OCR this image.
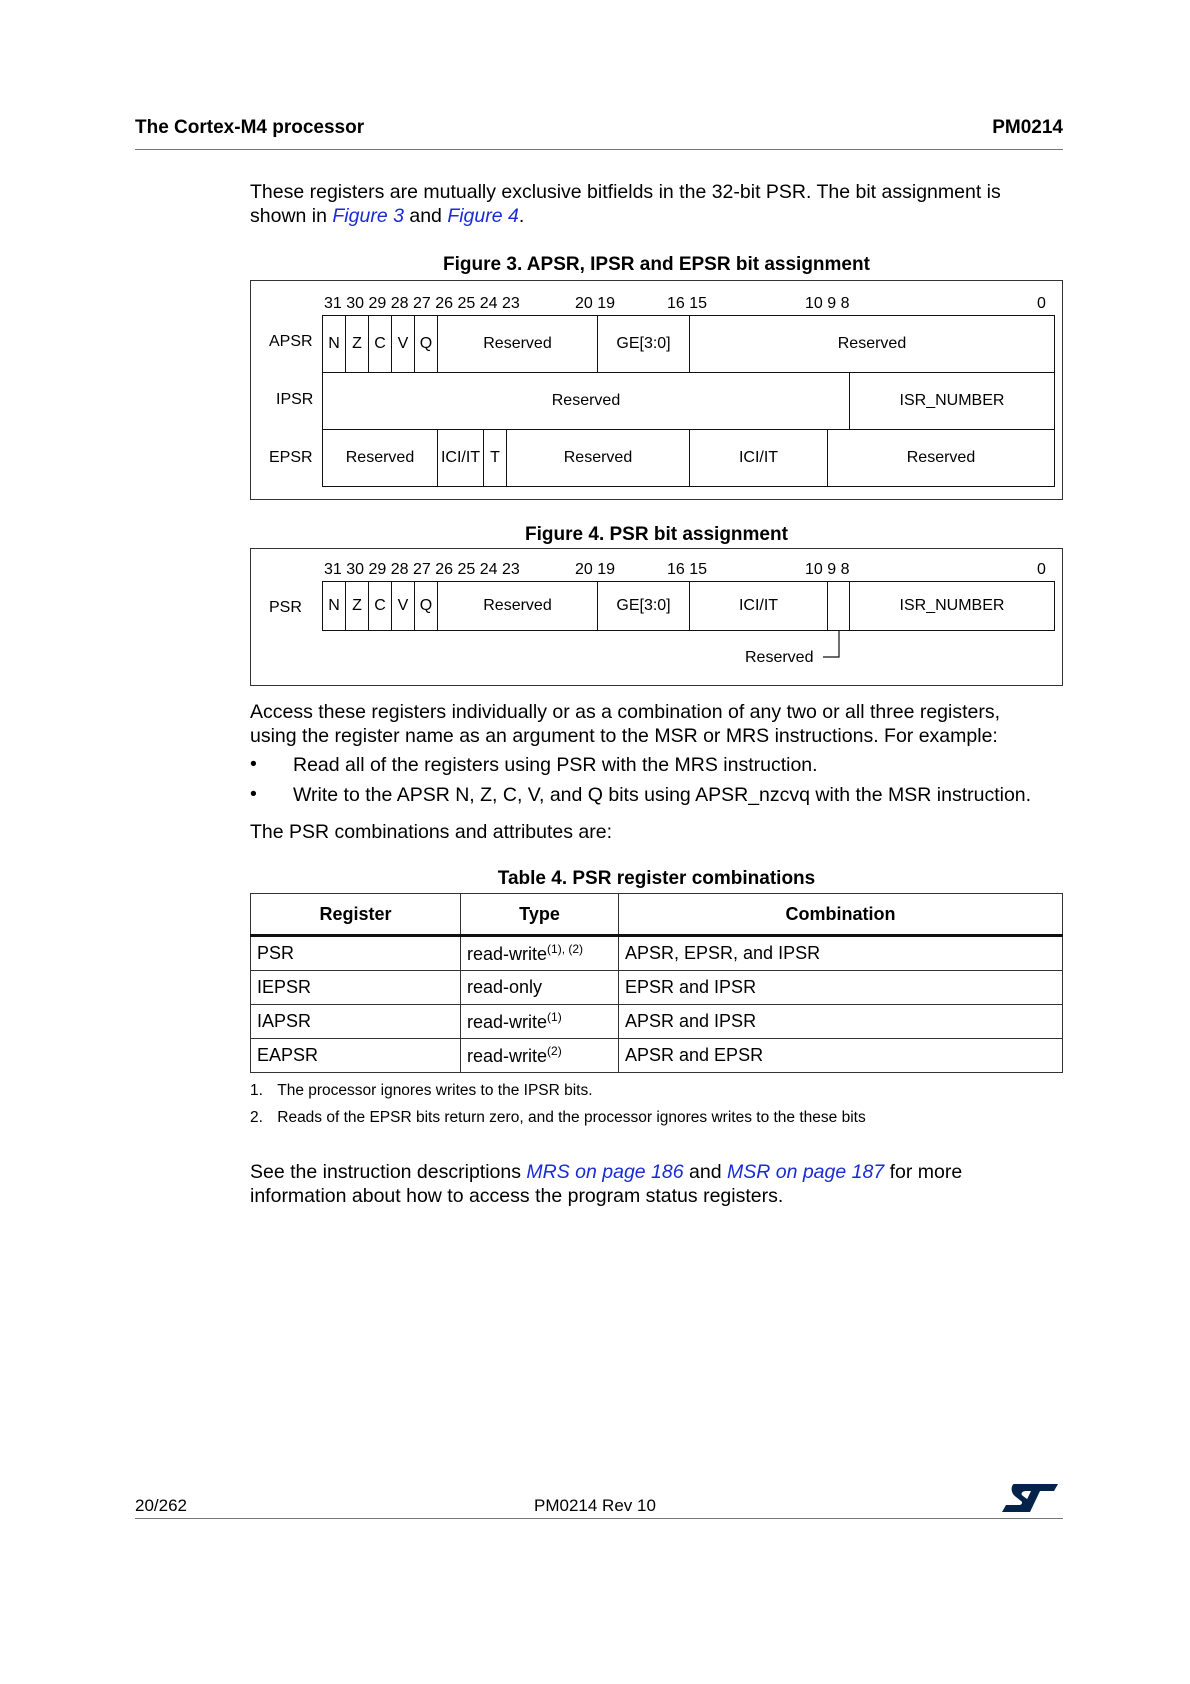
The Cortex-M4 processor	PM0214
These registers are mutually exclusive bitfields in the 32-bit PSR. The bit assignment is
shown in Figure 3 and Figure 4.
Figure 3. APSR, IPSR and EPSR bit assignment
31 30 29 28 27 26 25 24 23	20 19	16 15	10 9 8	0
APSR N Z C V Q	Reserved	GE[3:0]	Reserved
IPSR	Reserved	ISR_NUMBER
EPSR	Reserved	ICI/IT T	Reserved	ICI/IT	Reserved
Figure 4. PSR bit assignment
31 30 29 28 27 26 25 24 23	20 19	16 15	10 9 8	0
PSR	N Z C V Q	Reserved	GE[3:0]	ICI/IT	ISR_NUMBER
Reserved
Access these registers individually or as a combination of any two or all three registers,
using the register name as an argument to the MSR or MRS instructions. For example:
• Read all of the registers using PSR with the MRS instruction.
• Write to the APSR N, Z, C, V, and Q bits using APSR_nzcvq with the MSR instruction.
The PSR combinations and attributes are:
Table 4. PSR register combinations
Register	Type	Combination
PSR	read-write$^{(1), (2)}$	APSR, EPSR, and IPSR
IEPSR	read-only	EPSR and IPSR
IAPSR	read-write$^{(1)}$	APSR and IPSR
EAPSR	read-write$^{(2)}$	APSR and EPSR
1. The processor ignores writes to the IPSR bits.
2. Reads of the EPSR bits return zero, and the processor ignores writes to the these bits
See the instruction descriptions MRS on page 186 and MSR on page 187 for more
information about how to access the program status registers.
20/262	PM0214 Rev 10
